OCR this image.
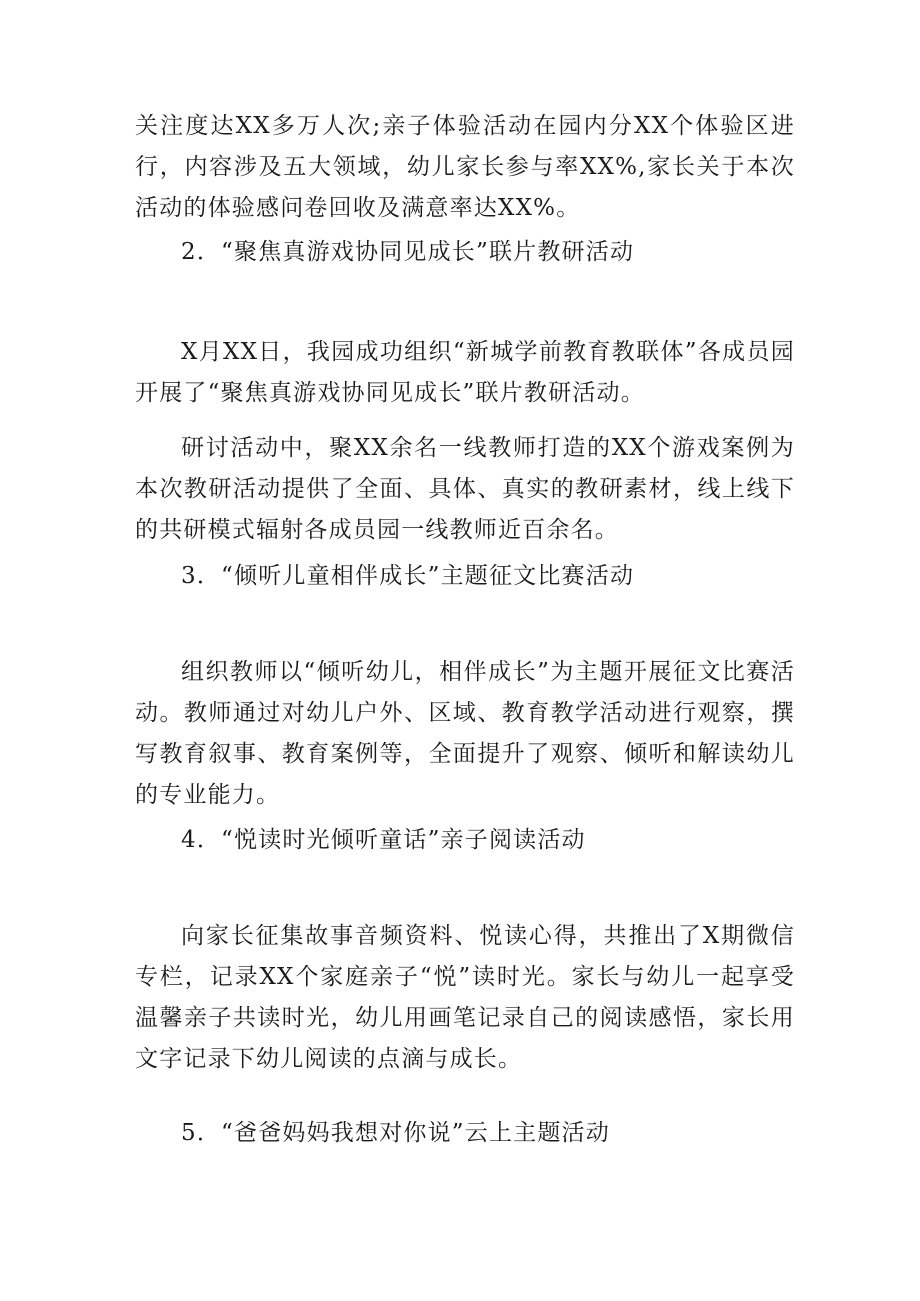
关注度达XX多万人次;亲子体验活动在园内分XX个体验区进行，内容涉及五大领域，幼儿家长参与率XX%,家长关于本次活动的体验感问卷回收及满意率达XX%。

2．“聚焦真游戏协同见成长”联片教研活动

X月XX日，我园成功组织“新城学前教育教联体”各成员园开展了“聚焦真游戏协同见成长”联片教研活动。

研讨活动中，聚XX余名一线教师打造的XX个游戏案例为本次教研活动提供了全面、具体、真实的教研素材，线上线下的共研模式辐射各成员园一线教师近百余名。

3．“倾听儿童相伴成长”主题征文比赛活动

组织教师以“倾听幼儿，相伴成长”为主题开展征文比赛活动。教师通过对幼儿户外、区域、教育教学活动进行观察，撰写教育叙事、教育案例等，全面提升了观察、倾听和解读幼儿的专业能力。

4．“悦读时光倾听童话”亲子阅读活动

向家长征集故事音频资料、悦读心得，共推出了X期微信专栏，记录XX个家庭亲子“悦”读时光。家长与幼儿一起享受温馨亲子共读时光，幼儿用画笔记录自己的阅读感悟，家长用文字记录下幼儿阅读的点滴与成长。

5．“爸爸妈妈我想对你说”云上主题活动
